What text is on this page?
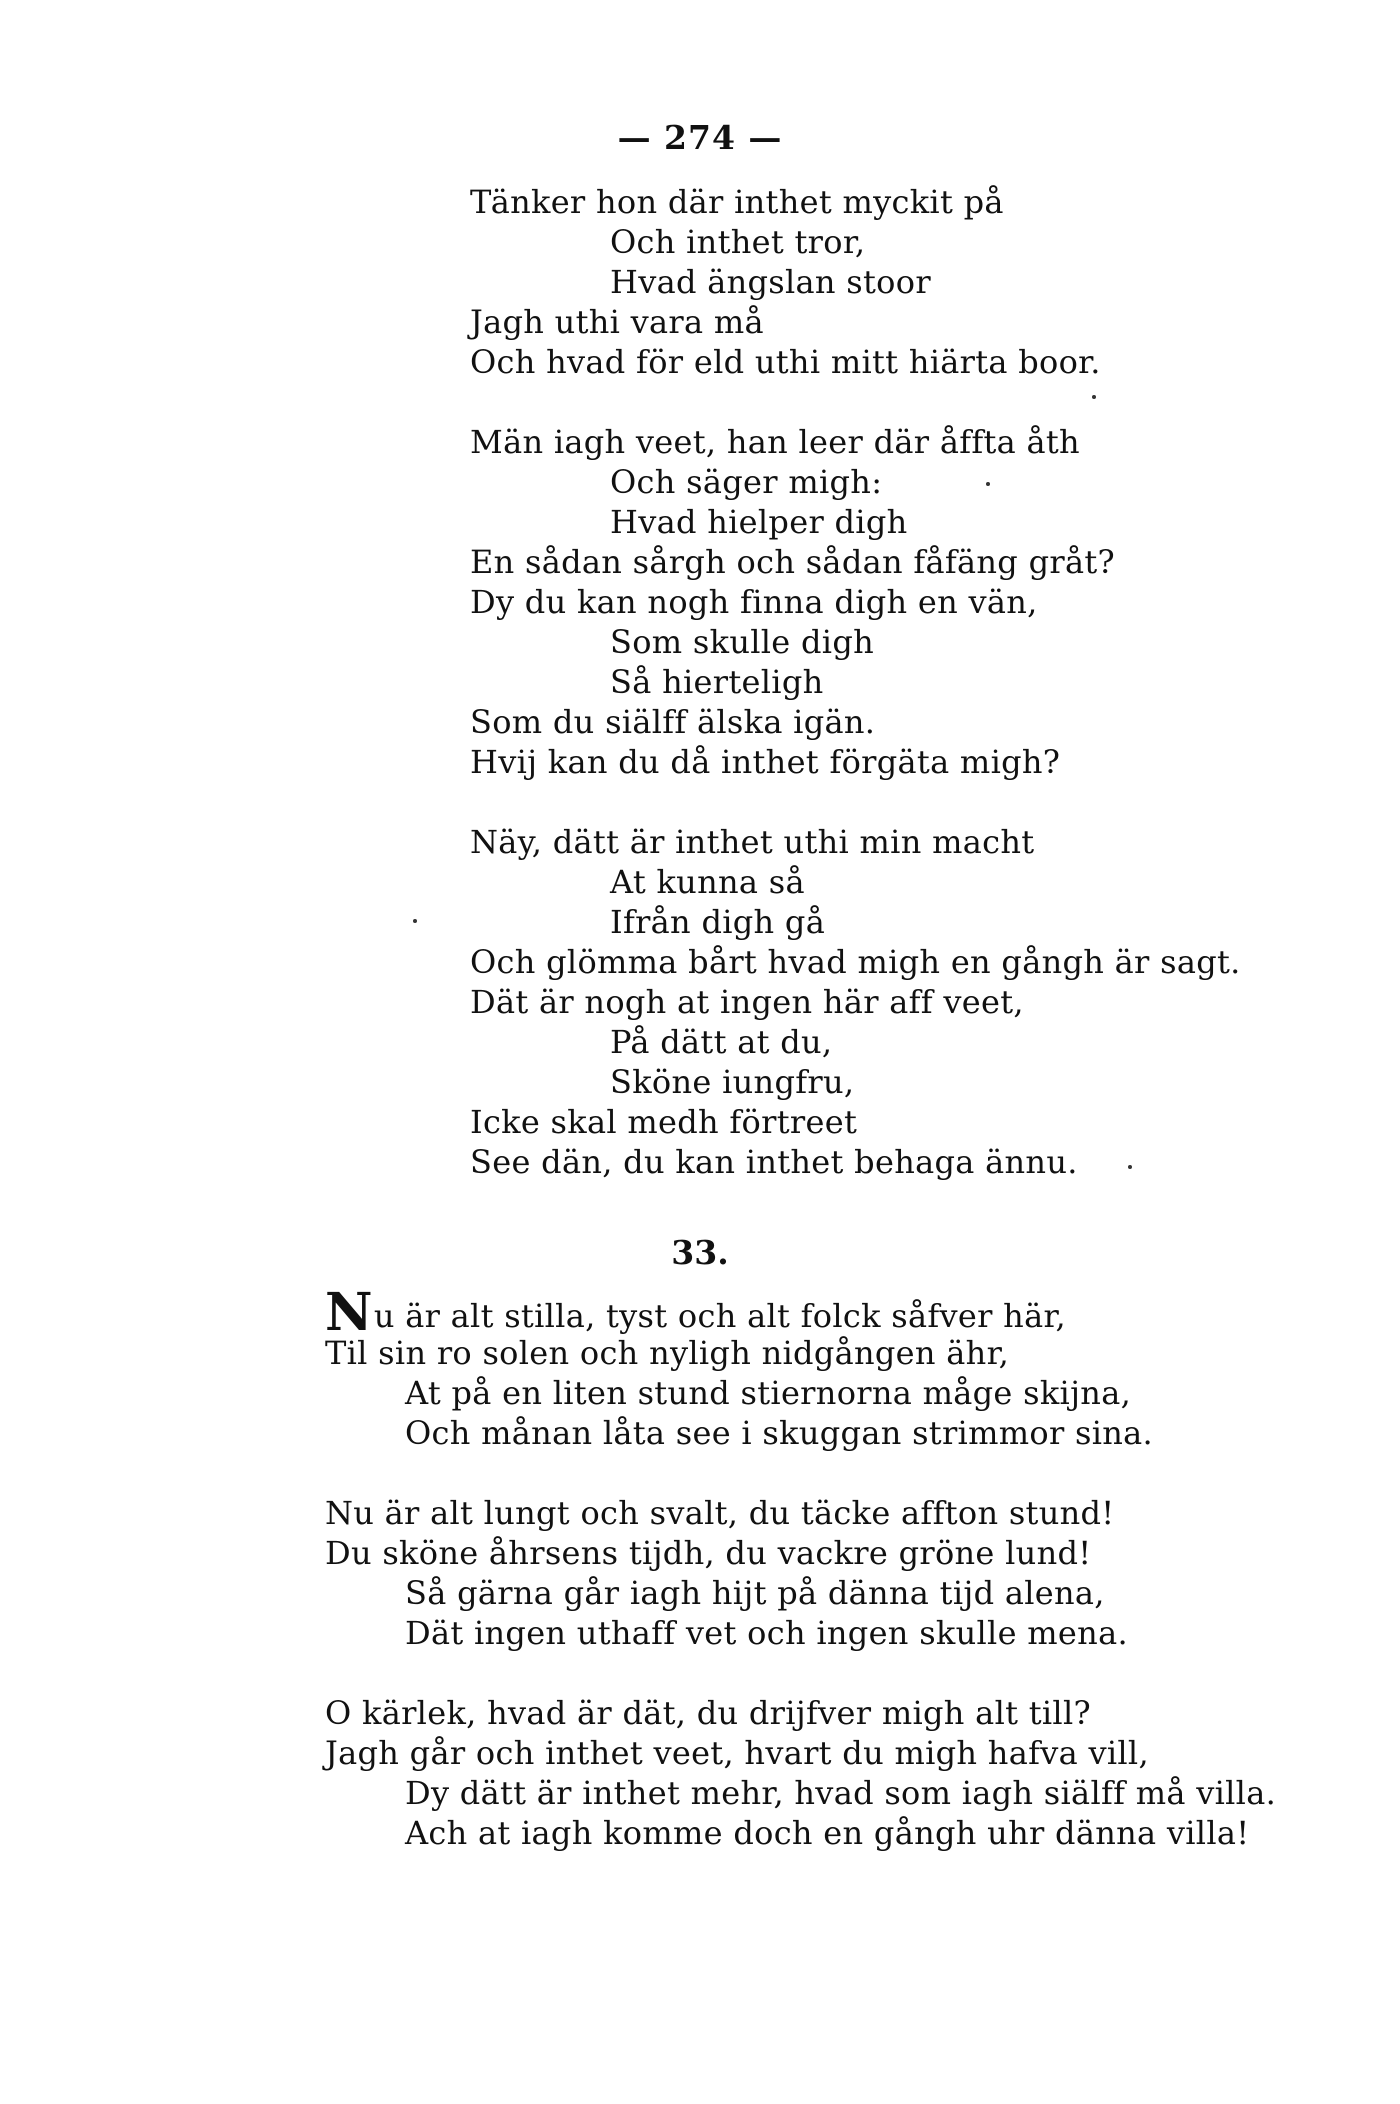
— 274 —
Tänker hon där inthet myckit på
Och inthet tror,
Hvad ängslan stoor
Jagh uthi vara må
Och hvad för eld uthi mitt hiärta boor.
Män iagh veet, han leer där åffta åth
Och säger migh:
Hvad hielper digh
En sådan sårgh och sådan fåfäng gråt?
Dy du kan nogh finna digh en vän,
Som skulle digh
Så hierteligh
Som du siälff älska igän.
Hvij kan du då inthet förgäta migh?
Näy, dätt är inthet uthi min macht
At kunna så
Ifrån digh gå
Och glömma bårt hvad migh en gångh är sagt.
Dät är nogh at ingen här aff veet,
På dätt at du,
Sköne iungfru,
Icke skal medh förtreet
See dän, du kan inthet behaga ännu.
33.
Nu är alt stilla, tyst och alt folck såfver här,
Til sin ro solen och nyligh nidgången ähr,
At på en liten stund stiernorna måge skijna,
Och månan låta see i skuggan strimmor sina.
Nu är alt lungt och svalt, du täcke affton stund!
Du sköne åhrsens tijdh, du vackre gröne lund!
Så gärna går iagh hijt på dänna tijd alena,
Dät ingen uthaff vet och ingen skulle mena.
O kärlek, hvad är dät, du drijfver migh alt till?
Jagh går och inthet veet, hvart du migh hafva vill,
Dy dätt är inthet mehr, hvad som iagh siälff må villa.
Ach at iagh komme doch en gångh uhr dänna villa!
